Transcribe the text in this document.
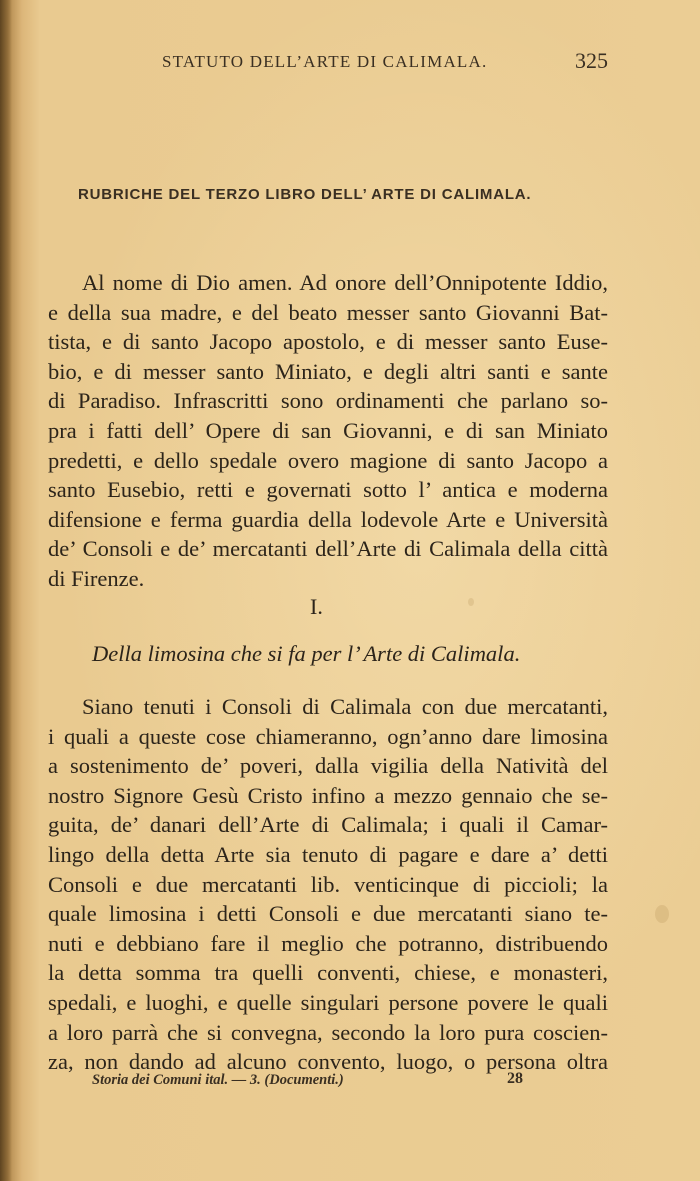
STATUTO DELL’ARTE DI CALIMALA.	325
RUBRICHE DEL TERZO LIBRO DELL’ ARTE DI CALIMALA.
Al nome di Dio amen. Ad onore dell’Onnipotente Iddio,
e della sua madre, e del beato messer santo Giovanni Bat-
tista, e di santo Jacopo apostolo, e di messer santo Euse-
bio, e di messer santo Miniato, e degli altri santi e sante
di Paradiso. Infrascritti sono ordinamenti che parlano so-
pra i fatti dell’ Opere di san Giovanni, e di san Miniato
predetti, e dello spedale overo magione di santo Jacopo a
santo Eusebio, retti e governati sotto l’ antica e moderna
difensione e ferma guardia della lodevole Arte e Università
de’ Consoli e de’ mercatanti dell’Arte di Calimala della città
di Firenze.
I.
Della limosina che si fa per l’ Arte di Calimala.
Siano tenuti i Consoli di Calimala con due mercatanti,
i quali a queste cose chiameranno, ogn’anno dare limosina
a sostenimento de’ poveri, dalla vigilia della Natività del
nostro Signore Gesù Cristo infino a mezzo gennaio che se-
guita, de’ danari dell’Arte di Calimala; i quali il Camar-
lingo della detta Arte sia tenuto di pagare e dare a’ detti
Consoli e due mercatanti lib. venticinque di piccioli; la
quale limosina i detti Consoli e due mercatanti siano te-
nuti e debbiano fare il meglio che potranno, distribuendo
la detta somma tra quelli conventi, chiese, e monasteri,
spedali, e luoghi, e quelle singulari persone povere le quali
a loro parrà che si convegna, secondo la loro pura coscien-
za, non dando ad alcuno convento, luogo, o persona oltra
Storia dei Comuni ital. — 3. (Documenti.)	28
